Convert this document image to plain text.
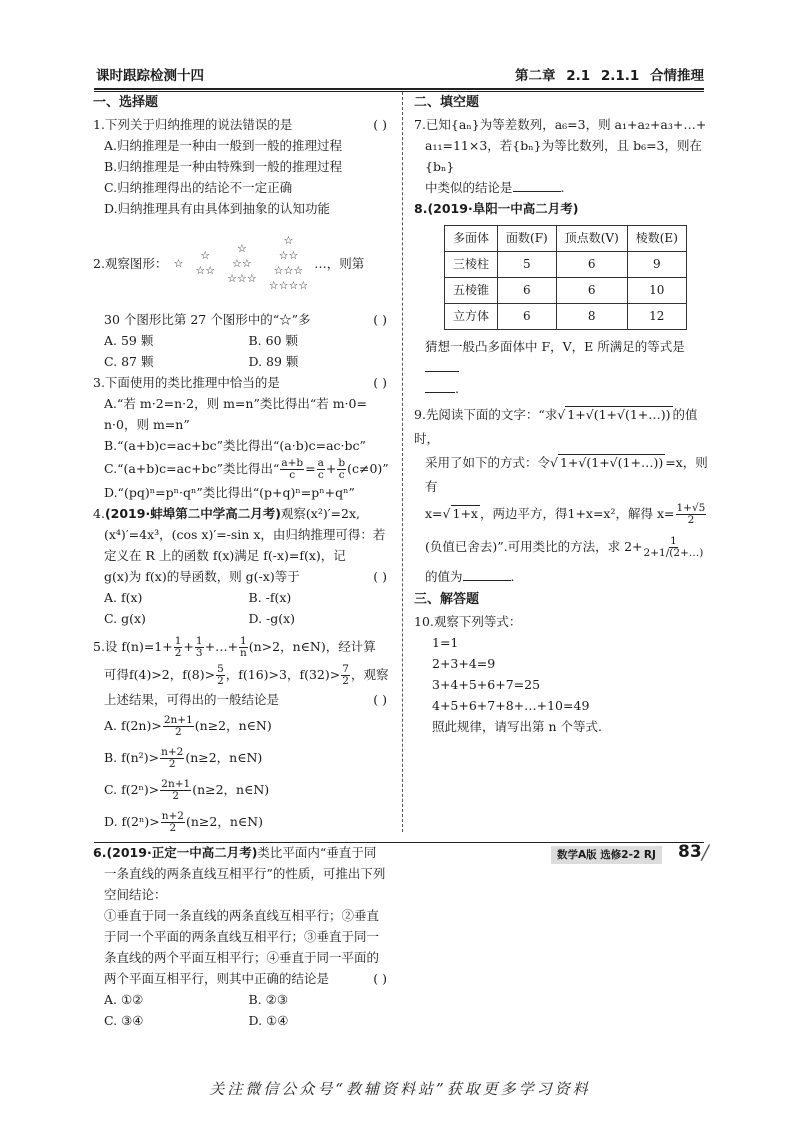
课时跟踪检测十四	第二章 2.1 2.1.1 合情推理
一、选择题
1.下列关于归纳推理的说法错误的是	( )
A.归纳推理是一种由一般到一般的推理过程
B.归纳推理是一种由特殊到一般的推理过程
C.归纳推理得出的结论不一定正确
D.归纳推理具有由具体到抽象的认知功能
2.观察图形： ☆
☆
☆☆
☆
☆☆
☆☆☆
☆
☆☆
☆☆☆
☆☆☆☆
…，则第
30 个图形比第 27 个图形中的“☆”多	( )
A. 59 颗	B. 60 颗
C. 87 颗	D. 89 颗
3.下面使用的类比推理中恰当的是	( )
A.“若 m·2=n·2，则 m=n”类比得出“若 m·0=
n·0，则 m=n”
B.“(a+b)c=ac+bc”类比得出“(a·b)c=ac·bc”
C.“(a+b)c=ac+bc”类比得出“ $\frac{a+b}{c} = \frac{a}{c} + \frac{b}{c} (c\ne 0)$”
D.“(pq)ⁿ=pⁿ·qⁿ”类比得出“(p+q)ⁿ=pⁿ+qⁿ”
4.(2019·蚌埠第二中学高二月考)观察(x²)′=2x,
(x⁴)′=4x³，(cos x)′=-sin x，由归纳推理可得：若
定义在 R 上的函数 f(x)满足 f(-x)=f(x)，记
g(x)为 f(x)的导函数，则 g(-x)等于	( )
A. f(x)	B. -f(x)
C. g(x)	D. -g(x)
5.设 $f(n)=1+ \frac{1}{2} + \frac{1}{3}$ +…+ $\frac{1}{n} (n>2$，n∈N)，经计算
可得f(4)>2，$f(8)> \frac{5}{2}$ ，f(16)>3，$f(32)> \frac{7}{2}$ ，观察
上述结果，可得出的一般结论是	( )
A. $f(2n)> \frac{2n+1}{2} (n\ge 2$，n∈N)
B. $f(n^2)> \frac{n+2}{2} (n\ge 2$，n∈N)
C. $f(2^n)> \frac{2n+1}{2} (n\ge 2$，n∈N)
D. $f(2^n)> \frac{n+2}{2} (n\ge 2$，n∈N)
6.(2019·正定一中高二月考)类比平面内“垂直于同
一条直线的两条直线互相平行”的性质，可推出下列
空间结论：
①垂直于同一条直线的两条直线互相平行；②垂直
于同一个平面的两条直线互相平行；③垂直于同一
条直线的两个平面互相平行；④垂直于同一平面的
两个平面互相平行，则其中正确的结论是	( )
A. ①②	B. ②③
C. ③④	D. ①④
二、填空题
7.已知{aₙ}为等差数列，a₆=3，则 a₁+a₂+a₃+…+
a₁₁=11×3，若{bₙ}为等比数列，且 b₆=3，则在{bₙ}
中类似的结论是	.
8.(2019·阜阳一中高二月考)
多面体	面数(F)	顶点数(V)	棱数(E)
三棱柱	5	6	9
五棱锥	6	6	10
立方体	6	8	12
猜想一般凸多面体中 F，V，E 所满足的等式是
.
9.先阅读下面的文字：“求√ 1+√(1+√(1+…)) 的值时，
采用了如下的方式：令√ 1+√(1+√(1+…)) =x，则有
x=√ 1+x ，两边平方，得1+x=x²，解得 $x= \frac{1+√5}{2}$
(负值已舍去)”.可用类比的方法，求 $2+ \frac{1}{2+1/(2+\dots)}$
的值为	.
三、解答题
10.观察下列等式：
1=1
2+3+4=9
3+4+5+6+7=25
4+5+6+7+8+…+10=49
照此规律，请写出第 n 个等式.
数学A版 选修2-2 RJ	83 /
关注微信公众号“教辅资料站”获取更多学习资料
